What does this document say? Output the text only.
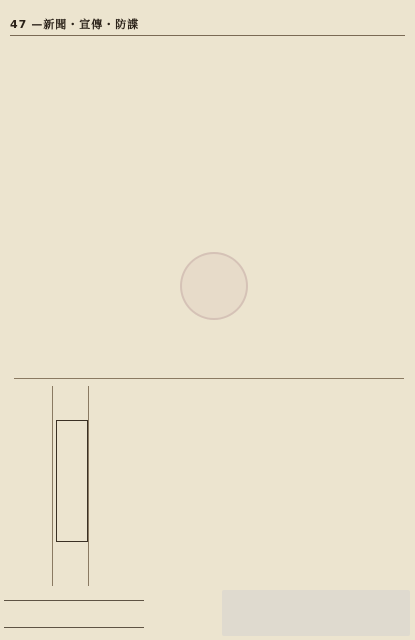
47 —新聞・宣傳・防諜
